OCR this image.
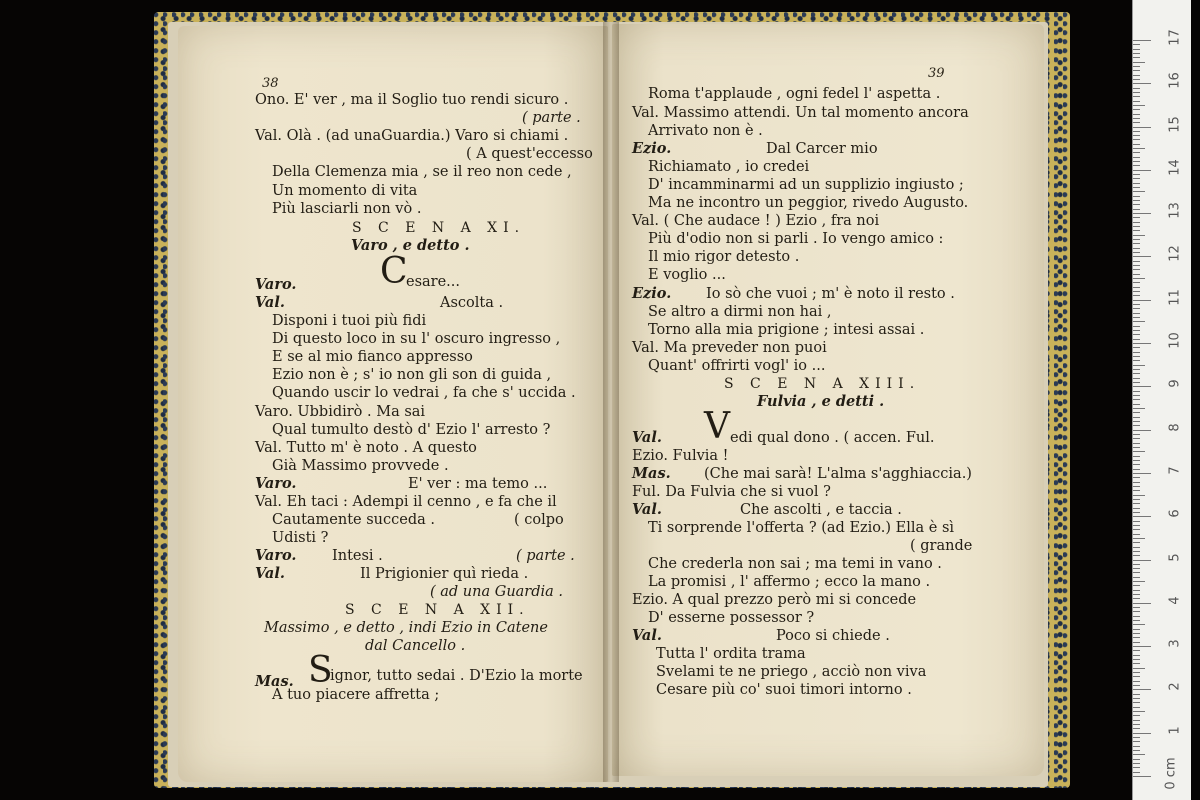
0 cm
1
2
3
4
5
6
7
8
9
10
11
12
13
14
15
16
17
38
Ono. E' ver , ma il Soglio tuo rendi sicuro .
( parte .
Val. Olà . (ad unaGuardia.) Varo si chiami .
( A quest'eccesso
Della Clemenza mia , se il reo non cede ,
Un momento di vita
Più lasciarli non vò .
S C E N A XI.
Varo , e detto .
Varo. C
esare...
Val.	Ascolta .
Disponi i tuoi più fidi
Di questo loco in su l' oscuro ingresso ,
E se al mio fianco appresso
Ezio non è ; s' io non gli son di guida ,
Quando uscir lo vedrai , fa che s' uccida .
Varo. Ubbidirò . Ma sai
Qual tumulto destò d' Ezio l' arresto ?
Val. Tutto m' è noto . A questo
Già Massimo provvede .
Varo.	E' ver : ma temo ...
Val. Eh taci : Adempi il cenno , e fa che il
Cautamente succeda .	( colpo
Udisti ?
Varo. Intesi .	( parte .
Val.	Il Prigionier quì rieda .
( ad una Guardia .
S C E N A XII.
Massimo , e detto , indi Ezio in Catene
dal Cancello .
Mas. S
ignor, tutto sedai . D'Ezio la morte
A tuo piacere affretta ;
39
Roma t'applaude , ogni fedel l' aspetta .
Val. Massimo attendi. Un tal momento ancora
Arrivato non è .
Ezio.	Dal Carcer mio
Richiamato , io credei
D' incamminarmi ad un supplizio ingiusto ;
Ma ne incontro un peggior, rivedo Augusto.
Val. ( Che audace ! ) Ezio , fra noi
Più d'odio non si parli . Io vengo amico :
Il mio rigor detesto .
E voglio ...
Ezio. Io sò che vuoi ; m' è noto il resto .
Se altro a dirmi non hai ,
Torno alla mia prigione ; intesi assai .
Val. Ma preveder non puoi
Quant' offrirti vogl' io ...
S C E N A XIII.
Fulvia , e detti .
Val. V edi qual dono . ( accen. Ful.
Ezio. Fulvia !
Mas. (Che mai sarà! L'alma s'agghiaccia.)
Ful. Da Fulvia che si vuol ?
Val.	Che ascolti , e taccia .
Ti sorprende l'offerta ? (ad Ezio.) Ella è sì
( grande
Che crederla non sai ; ma temi in vano .
La promisi , l' affermo ; ecco la mano .
Ezio. A qual prezzo però mi si concede
D' esserne possessor ?
Val.	Poco si chiede .
Tutta l' ordita trama
Svelami te ne priego , acciò non viva
Cesare più co' suoi timori intorno .
